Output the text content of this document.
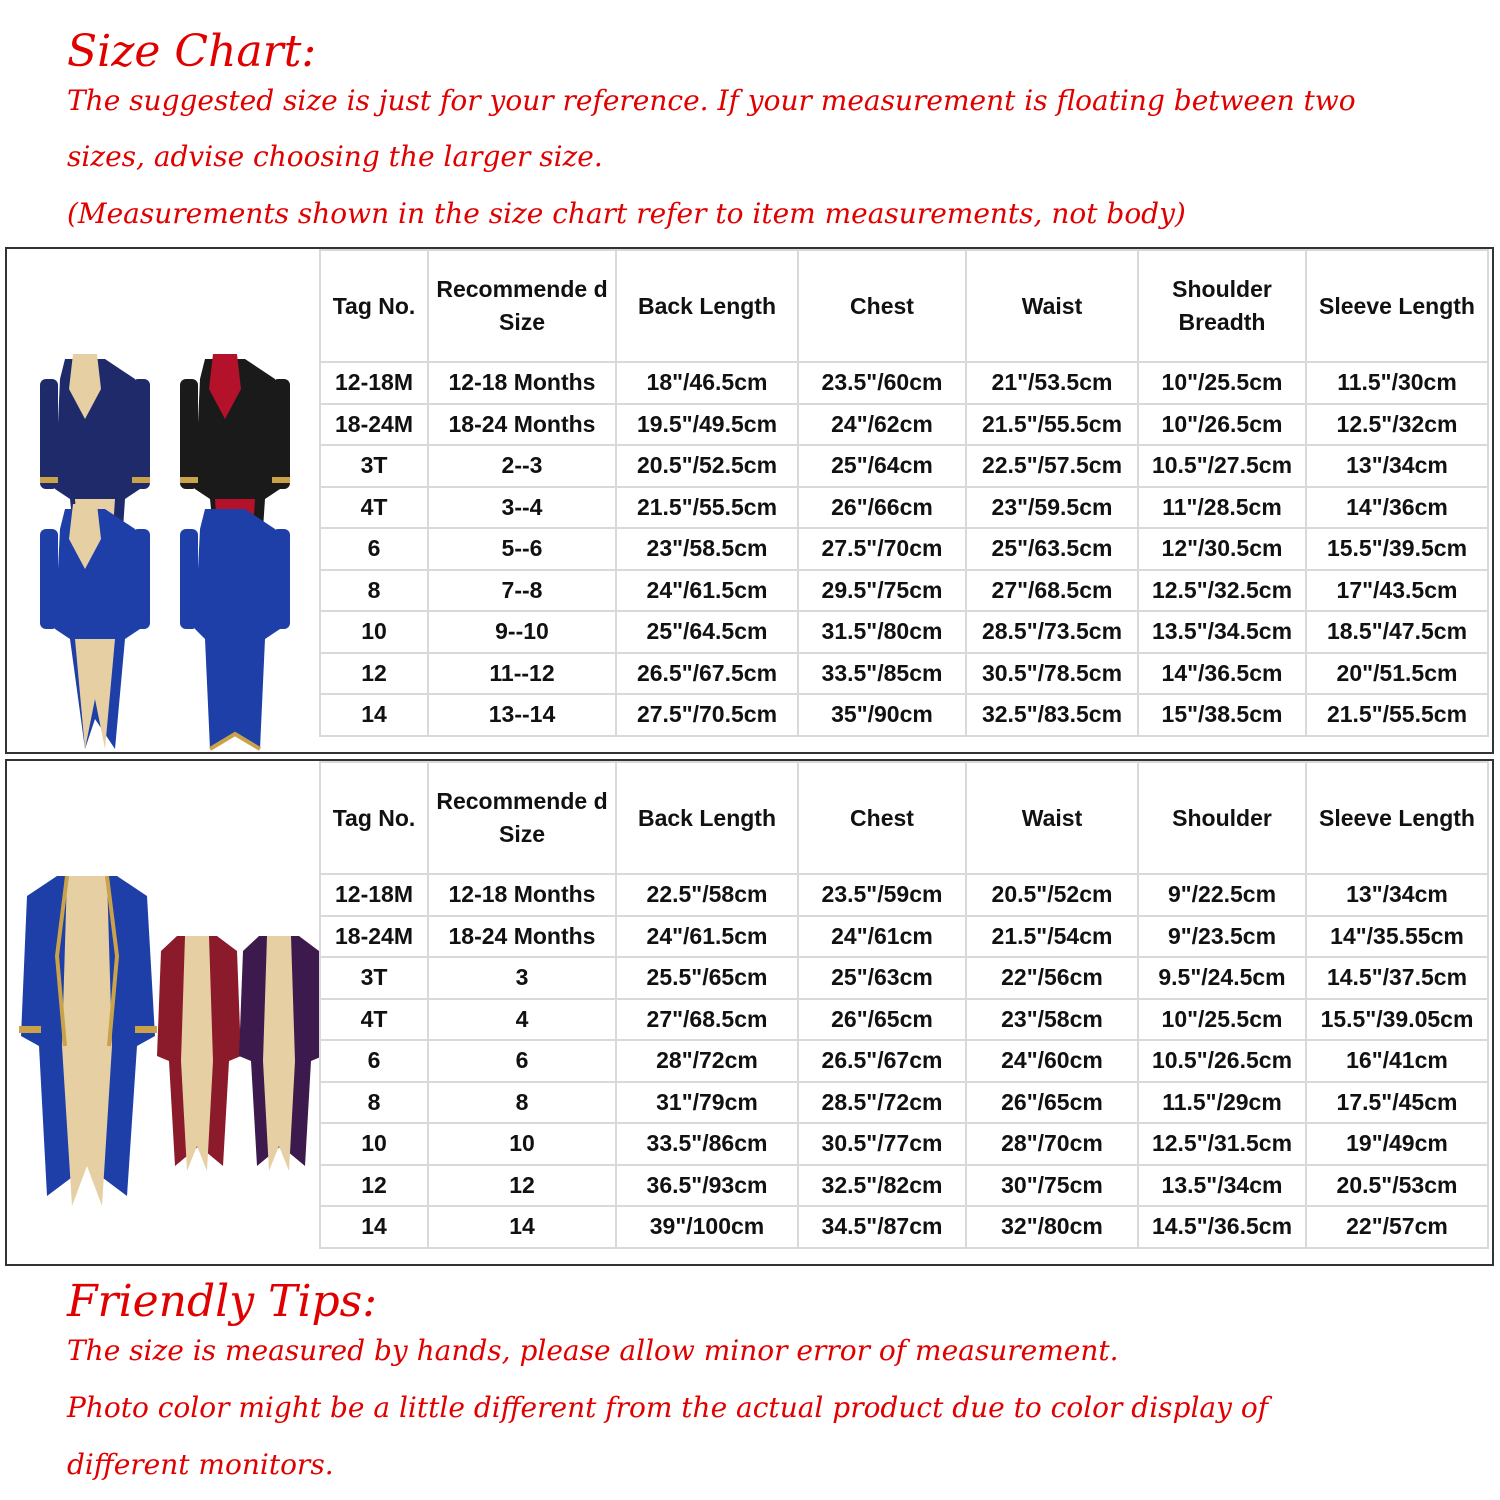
Size Chart:
The suggested size is just for your reference. If your measurement is floating between two
sizes, advise choosing the larger size.
(Measurements shown in the size chart refer to item measurements, not body)
Tag No.	Recommende d Size	Back Length	Chest	Waist	Shoulder Breadth	Sleeve Length
12-18M	12-18 Months	18"/46.5cm	23.5"/60cm	21"/53.5cm	10"/25.5cm	11.5"/30cm
18-24M	18-24 Months	19.5"/49.5cm	24"/62cm	21.5"/55.5cm	10"/26.5cm	12.5"/32cm
3T	2--3	20.5"/52.5cm	25"/64cm	22.5"/57.5cm	10.5"/27.5cm	13"/34cm
4T	3--4	21.5"/55.5cm	26"/66cm	23"/59.5cm	11"/28.5cm	14"/36cm
6	5--6	23"/58.5cm	27.5"/70cm	25"/63.5cm	12"/30.5cm	15.5"/39.5cm
8	7--8	24"/61.5cm	29.5"/75cm	27"/68.5cm	12.5"/32.5cm	17"/43.5cm
10	9--10	25"/64.5cm	31.5"/80cm	28.5"/73.5cm	13.5"/34.5cm	18.5"/47.5cm
12	11--12	26.5"/67.5cm	33.5"/85cm	30.5"/78.5cm	14"/36.5cm	20"/51.5cm
14	13--14	27.5"/70.5cm	35"/90cm	32.5"/83.5cm	15"/38.5cm	21.5"/55.5cm
Tag No.	Recommende d Size	Back Length	Chest	Waist	Shoulder	Sleeve Length
12-18M	12-18 Months	22.5"/58cm	23.5"/59cm	20.5"/52cm	9"/22.5cm	13"/34cm
18-24M	18-24 Months	24"/61.5cm	24"/61cm	21.5"/54cm	9"/23.5cm	14"/35.55cm
3T	3	25.5"/65cm	25"/63cm	22"/56cm	9.5"/24.5cm	14.5"/37.5cm
4T	4	27"/68.5cm	26"/65cm	23"/58cm	10"/25.5cm	15.5"/39.05cm
6	6	28"/72cm	26.5"/67cm	24"/60cm	10.5"/26.5cm	16"/41cm
8	8	31"/79cm	28.5"/72cm	26"/65cm	11.5"/29cm	17.5"/45cm
10	10	33.5"/86cm	30.5"/77cm	28"/70cm	12.5"/31.5cm	19"/49cm
12	12	36.5"/93cm	32.5"/82cm	30"/75cm	13.5"/34cm	20.5"/53cm
14	14	39"/100cm	34.5"/87cm	32"/80cm	14.5"/36.5cm	22"/57cm
Friendly Tips:
The size is measured by hands, please allow minor error of measurement.
Photo color might be a little different from the actual product due to color display of
different monitors.
